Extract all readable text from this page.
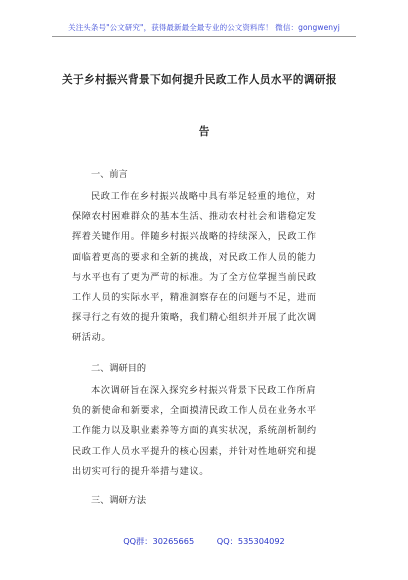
关注头条号"公文研究"，获得最新最全最专业的公文资料库！ 微信：gongwenyj
关于乡村振兴背景下如何提升民政工作人员水平的调研报
告
一、前言
民政工作在乡村振兴战略中具有举足轻重的地位，对
保障农村困难群众的基本生活、推动农村社会和谐稳定发
挥着关键作用。伴随乡村振兴战略的持续深入，民政工作
面临着更高的要求和全新的挑战，对民政工作人员的能力
与水平也有了更为严苛的标准。为了全方位掌握当前民政
工作人员的实际水平，精准洞察存在的问题与不足，进而
探寻行之有效的提升策略，我们精心组织并开展了此次调
研活动。
二、调研目的
本次调研旨在深入探究乡村振兴背景下民政工作所肩
负的新使命和新要求，全面摸清民政工作人员在业务水平
工作能力以及职业素养等方面的真实状况，系统剖析制约
民政工作人员水平提升的核心因素，并针对性地研究和提
出切实可行的提升举措与建议。
三、调研方法
QQ群：30265665	QQ：535304092
